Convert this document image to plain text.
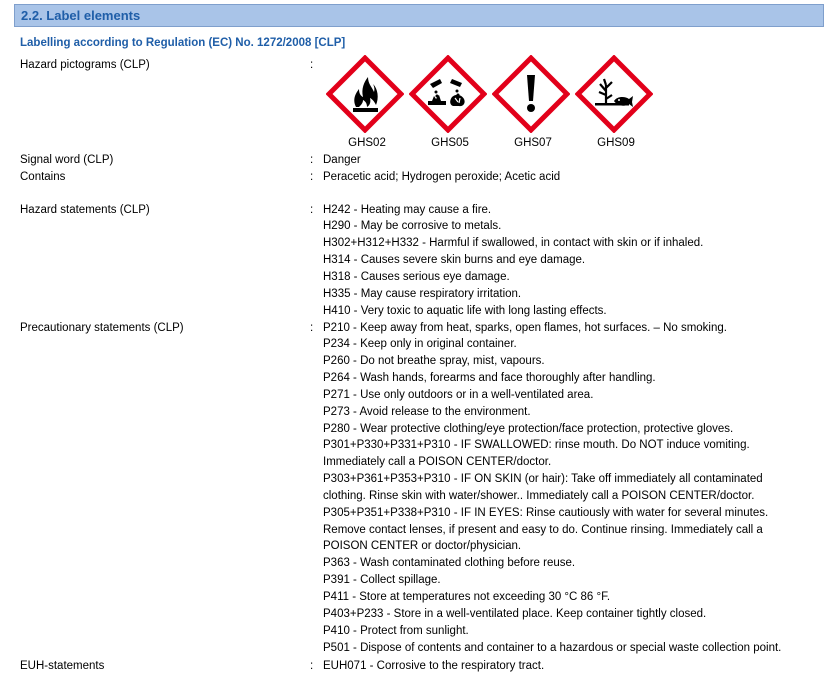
2.2. Label elements
Labelling according to Regulation (EC) No. 1272/2008 [CLP]
Hazard pictograms (CLP)	:
GHS02	GHS05	GHS07	GHS09
Signal word (CLP)	: Danger
Contains	: Peracetic acid; Hydrogen peroxide; Acetic acid
Hazard statements (CLP)	: H242 - Heating may cause a fire.
H290 - May be corrosive to metals.
H302+H312+H332 - Harmful if swallowed, in contact with skin or if inhaled.
H314 - Causes severe skin burns and eye damage.
H318 - Causes serious eye damage.
H335 - May cause respiratory irritation.
H410 - Very toxic to aquatic life with long lasting effects.
Precautionary statements (CLP)	: P210 - Keep away from heat, sparks, open flames, hot surfaces. – No smoking.
P234 - Keep only in original container.
P260 - Do not breathe spray, mist, vapours.
P264 - Wash hands, forearms and face thoroughly after handling.
P271 - Use only outdoors or in a well-ventilated area.
P273 - Avoid release to the environment.
P280 - Wear protective clothing/eye protection/face protection, protective gloves.
P301+P330+P331+P310 - IF SWALLOWED: rinse mouth. Do NOT induce vomiting.
Immediately call a POISON CENTER/doctor.
P303+P361+P353+P310 - IF ON SKIN (or hair): Take off immediately all contaminated
clothing. Rinse skin with water/shower.. Immediately call a POISON CENTER/doctor.
P305+P351+P338+P310 - IF IN EYES: Rinse cautiously with water for several minutes.
Remove contact lenses, if present and easy to do. Continue rinsing. Immediately call a
POISON CENTER or doctor/physician.
P363 - Wash contaminated clothing before reuse.
P391 - Collect spillage.
P411 - Store at temperatures not exceeding 30 °C 86 °F.
P403+P233 - Store in a well-ventilated place. Keep container tightly closed.
P410 - Protect from sunlight.
P501 - Dispose of contents and container to a hazardous or special waste collection point.
EUH-statements	: EUH071 - Corrosive to the respiratory tract.
